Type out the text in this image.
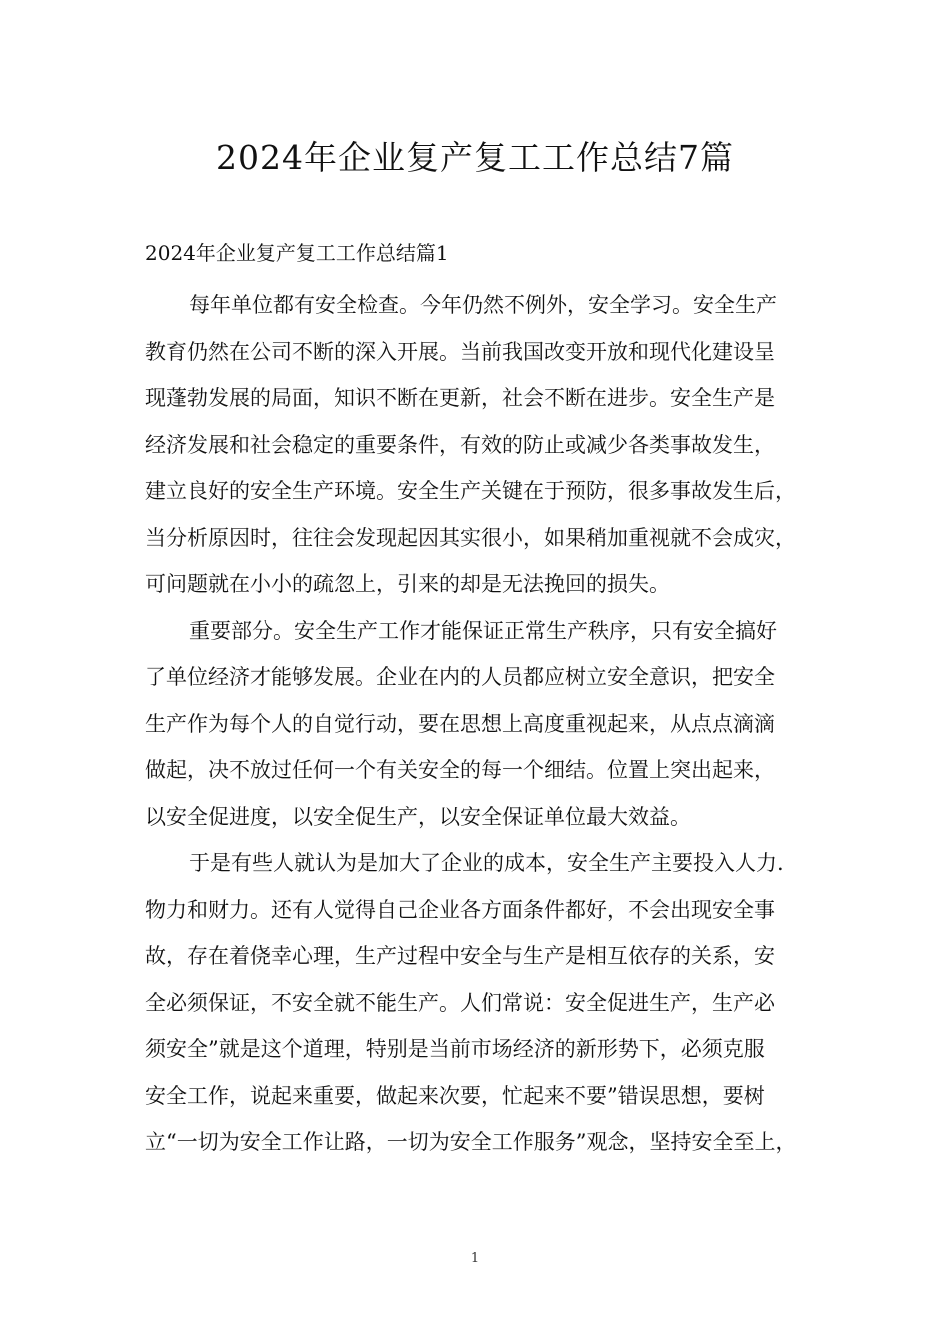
2024年企业复产复工工作总结7篇
2024年企业复产复工工作总结篇1

每年单位都有安全检查。今年仍然不例外，安全学习。安全生产
教育仍然在公司不断的深入开展。当前我国改变开放和现代化建设呈
现蓬勃发展的局面，知识不断在更新，社会不断在进步。安全生产是
经济发展和社会稳定的重要条件，有效的防止或减少各类事故发生，
建立良好的安全生产环境。安全生产关键在于预防，很多事故发生后，
当分析原因时，往往会发现起因其实很小，如果稍加重视就不会成灾，
可问题就在小小的疏忽上，引来的却是无法挽回的损失。

重要部分。安全生产工作才能保证正常生产秩序，只有安全搞好
了单位经济才能够发展。企业在内的人员都应树立安全意识，把安全
生产作为每个人的自觉行动，要在思想上高度重视起来，从点点滴滴
做起，决不放过任何一个有关安全的每一个细结。位置上突出起来，
以安全促进度，以安全促生产，以安全保证单位最大效益。

于是有些人就认为是加大了企业的成本，安全生产主要投入人力.
物力和财力。还有人觉得自己企业各方面条件都好，不会出现安全事
故，存在着侥幸心理，生产过程中安全与生产是相互依存的关系，安
全必须保证，不安全就不能生产。人们常说：安全促进生产，生产必
须安全”就是这个道理，特别是当前市场经济的新形势下，必须克服
安全工作，说起来重要，做起来次要，忙起来不要”错误思想，要树
立“一切为安全工作让路，一切为安全工作服务”观念，坚持安全至上，

1
